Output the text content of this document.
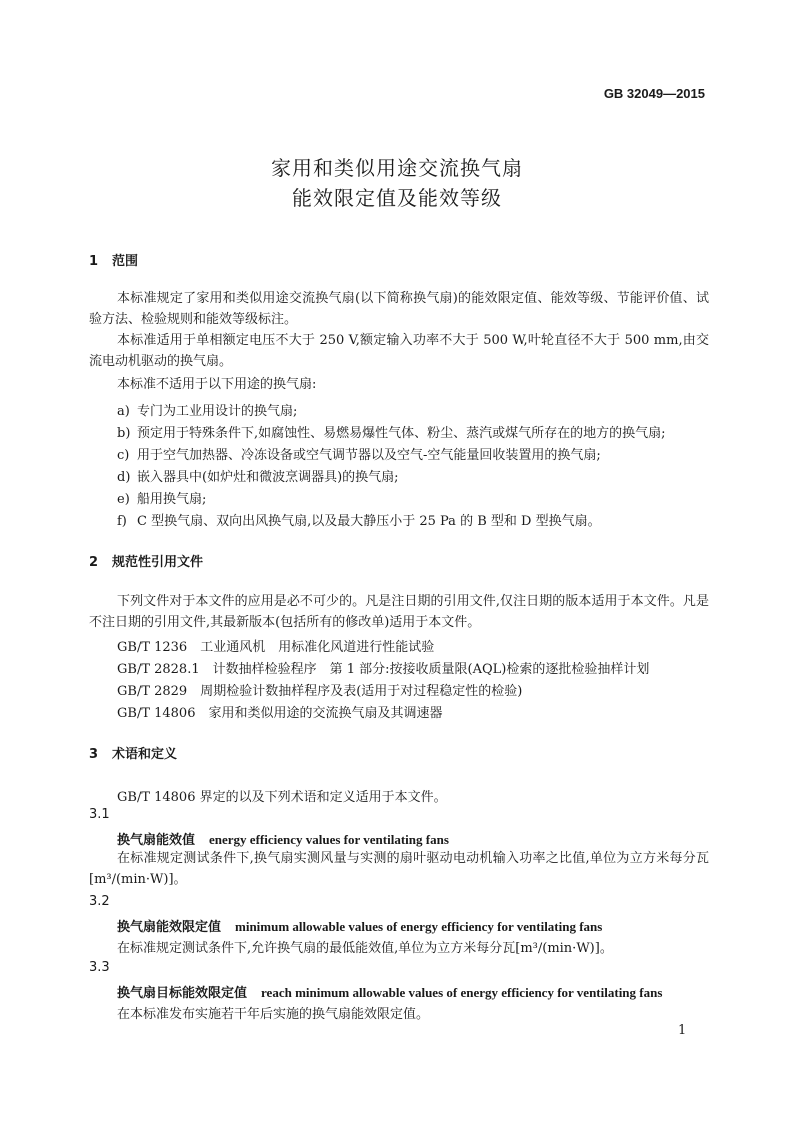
GB 32049—2015
家用和类似用途交流换气扇
能效限定值及能效等级
1 范围
本标准规定了家用和类似用途交流换气扇(以下简称换气扇)的能效限定值、能效等级、节能评价值、试验方法、检验规则和能效等级标注。
本标准适用于单相额定电压不大于 250 V,额定输入功率不大于 500 W,叶轮直径不大于 500 mm,由交流电动机驱动的换气扇。
本标准不适用于以下用途的换气扇:
a) 专门为工业用设计的换气扇;
b) 预定用于特殊条件下,如腐蚀性、易燃易爆性气体、粉尘、蒸汽或煤气所存在的地方的换气扇;
c) 用于空气加热器、冷冻设备或空气调节器以及空气-空气能量回收装置用的换气扇;
d) 嵌入器具中(如炉灶和微波烹调器具)的换气扇;
e) 船用换气扇;
f) C 型换气扇、双向出风换气扇,以及最大静压小于 25 Pa 的 B 型和 D 型换气扇。
2 规范性引用文件
下列文件对于本文件的应用是必不可少的。凡是注日期的引用文件,仅注日期的版本适用于本文件。凡是不注日期的引用文件,其最新版本(包括所有的修改单)适用于本文件。
GB/T 1236　工业通风机　用标准化风道进行性能试验
GB/T 2828.1　计数抽样检验程序　第 1 部分:按接收质量限(AQL)检索的逐批检验抽样计划
GB/T 2829　周期检验计数抽样程序及表(适用于对过程稳定性的检验)
GB/T 14806　家用和类似用途的交流换气扇及其调速器
3 术语和定义
GB/T 14806 界定的以及下列术语和定义适用于本文件。
3.1
换气扇能效值 energy efficiency values for ventilating fans
在标准规定测试条件下,换气扇实测风量与实测的扇叶驱动电动机输入功率之比值,单位为立方米每分瓦[m³/(min·W)]。
3.2
换气扇能效限定值 minimum allowable values of energy efficiency for ventilating fans
在标准规定测试条件下,允许换气扇的最低能效值,单位为立方米每分瓦[m³/(min·W)]。
3.3
换气扇目标能效限定值 reach minimum allowable values of energy efficiency for ventilating fans
在本标准发布实施若干年后实施的换气扇能效限定值。
1
